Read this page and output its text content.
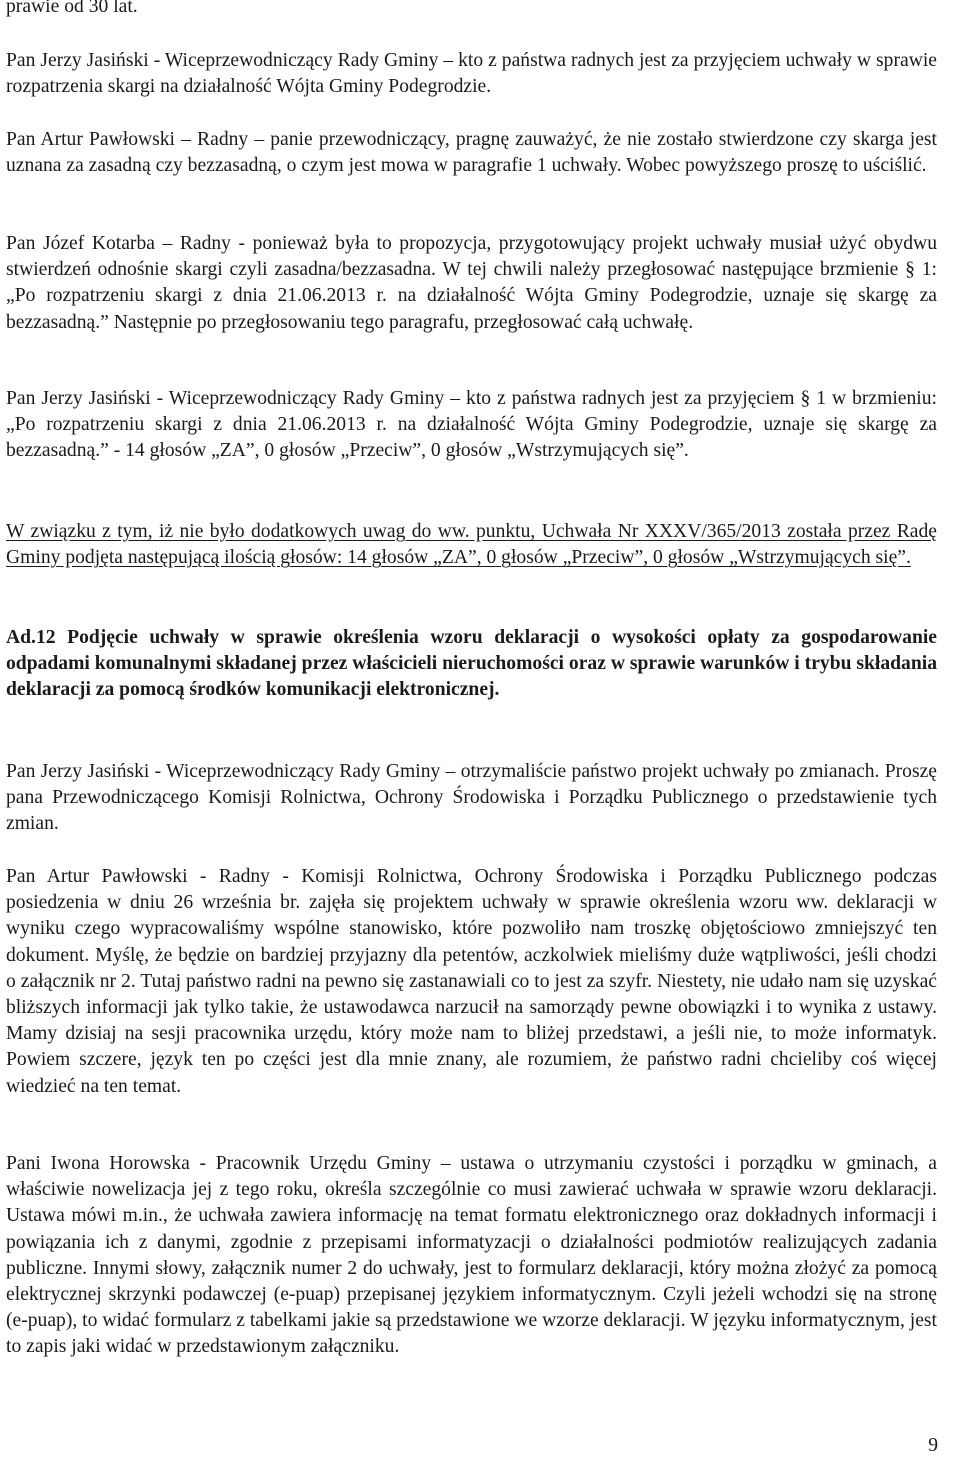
prawie od 30 lat.

Pan Jerzy Jasiński - Wiceprzewodniczący Rady Gminy – kto z państwa radnych jest za przyjęciem uchwały w sprawie rozpatrzenia skargi na działalność Wójta Gminy Podegrodzie.

Pan Artur Pawłowski – Radny – panie przewodniczący, pragnę zauważyć, że nie zostało stwierdzone czy skarga jest uznana za zasadną czy bezzasadną, o czym jest mowa w paragrafie 1 uchwały. Wobec powyższego proszę to uściślić.

Pan Józef Kotarba – Radny - ponieważ była to propozycja, przygotowujący projekt uchwały musiał użyć obydwu stwierdzeń odnośnie skargi czyli zasadna/bezzasadna. W tej chwili należy przegłosować następujące brzmienie § 1: „Po rozpatrzeniu skargi z dnia 21.06.2013 r. na działalność Wójta Gminy Podegrodzie, uznaje się skargę za bezzasadną.” Następnie po przegłosowaniu tego paragrafu, przegłosować całą uchwałę.

Pan Jerzy Jasiński - Wiceprzewodniczący Rady Gminy – kto z państwa radnych jest za przyjęciem § 1 w brzmieniu: „Po rozpatrzeniu skargi z dnia 21.06.2013 r. na działalność Wójta Gminy Podegrodzie, uznaje się skargę za bezzasadną.” - 14 głosów „ZA”, 0 głosów „Przeciw”, 0 głosów „Wstrzymujących się”.

W związku z tym, iż nie było dodatkowych uwag do ww. punktu, Uchwała Nr XXXV/365/2013 została przez Radę Gminy podjęta następującą ilością głosów: 14 głosów „ZA”, 0 głosów „Przeciw”, 0 głosów „Wstrzymujących się”.

Ad.12 Podjęcie uchwały w sprawie określenia wzoru deklaracji o wysokości opłaty za gospodarowanie odpadami komunalnymi składanej przez właścicieli nieruchomości oraz w sprawie warunków i trybu składania deklaracji za pomocą środków komunikacji elektronicznej.

Pan Jerzy Jasiński - Wiceprzewodniczący Rady Gminy – otrzymaliście państwo projekt uchwały po zmianach. Proszę pana Przewodniczącego Komisji Rolnictwa, Ochrony Środowiska i Porządku Publicznego o przedstawienie tych zmian.

Pan Artur Pawłowski - Radny - Komisji Rolnictwa, Ochrony Środowiska i Porządku Publicznego podczas posiedzenia w dniu 26 września br. zajęła się projektem uchwały w sprawie określenia wzoru ww. deklaracji w wyniku czego wypracowaliśmy wspólne stanowisko, które pozwoliło nam troszkę objętościowo zmniejszyć ten dokument. Myślę, że będzie on bardziej przyjazny dla petentów, aczkolwiek mieliśmy duże wątpliwości, jeśli chodzi o załącznik nr 2. Tutaj państwo radni na pewno się zastanawiali co to jest za szyfr. Niestety, nie udało nam się uzyskać bliższych informacji jak tylko takie, że ustawodawca narzucił na samorządy pewne obowiązki i to wynika z ustawy. Mamy dzisiaj na sesji pracownika urzędu, który może nam to bliżej przedstawi, a jeśli nie, to może informatyk. Powiem szczere, język ten po części jest dla mnie znany, ale rozumiem, że państwo radni chcieliby coś więcej wiedzieć na ten temat.

Pani Iwona Horowska - Pracownik Urzędu Gminy – ustawa o utrzymaniu czystości i porządku w gminach, a właściwie nowelizacja jej z tego roku, określa szczególnie co musi zawierać uchwała w sprawie wzoru deklaracji. Ustawa mówi m.in., że uchwała zawiera informację na temat formatu elektronicznego oraz dokładnych informacji i powiązania ich z danymi, zgodnie z przepisami informatyzacji o działalności podmiotów realizujących zadania publiczne. Innymi słowy, załącznik numer 2 do uchwały, jest to formularz deklaracji, który można złożyć za pomocą elektrycznej skrzynki podawczej (e-puap) przepisanej językiem informatycznym. Czyli jeżeli wchodzi się na stronę (e-puap), to widać formularz z tabelkami jakie są przedstawione we wzorze deklaracji. W języku informatycznym, jest to zapis jaki widać w przedstawionym załączniku.

9
